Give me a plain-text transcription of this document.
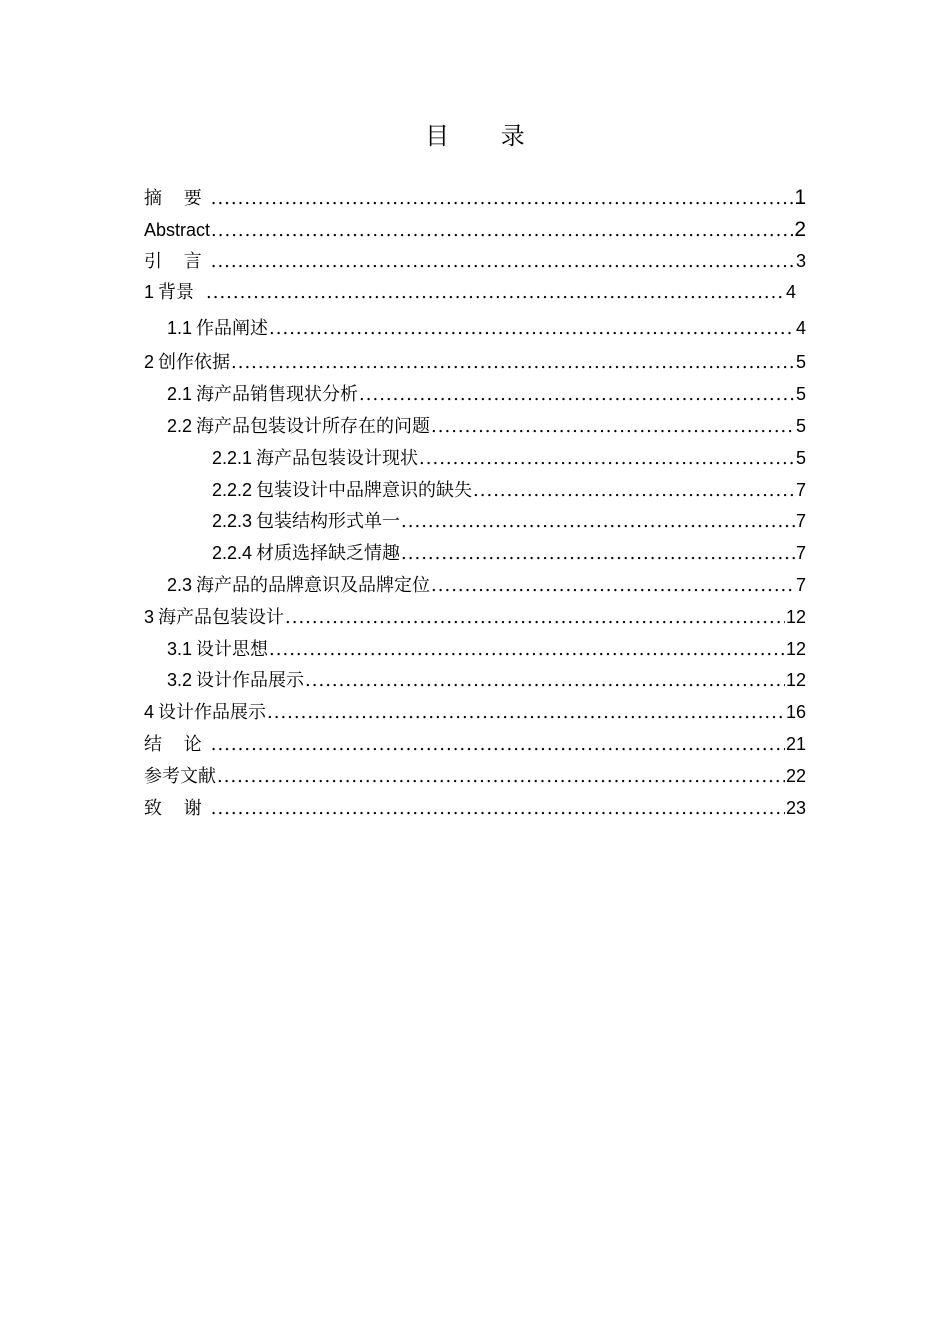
目 录
摘 要 .....	1
Abstract .....	2
引 言 .....	3
1 背景 .....	4
1.1 作品阐述 .....	4
2 创作依据 .....	5
2.1 海产品销售现状分析 .....	5
2.2 海产品包装设计所存在的问题 .....	5
2.2.1 海产品包装设计现状 .....	5
2.2.2 包装设计中品牌意识的缺失 .....	7
2.2.3 包装结构形式单一 .....	7
2.2.4 材质选择缺乏情趣 .....	7
2.3 海产品的品牌意识及品牌定位 .....	7
3 海产品包装设计 .....	12
3.1 设计思想 .....	12
3.2 设计作品展示 .....	12
4 设计作品展示 .....	16
结 论 .....	21
参考文献 .....	22
致 谢 .....	23
